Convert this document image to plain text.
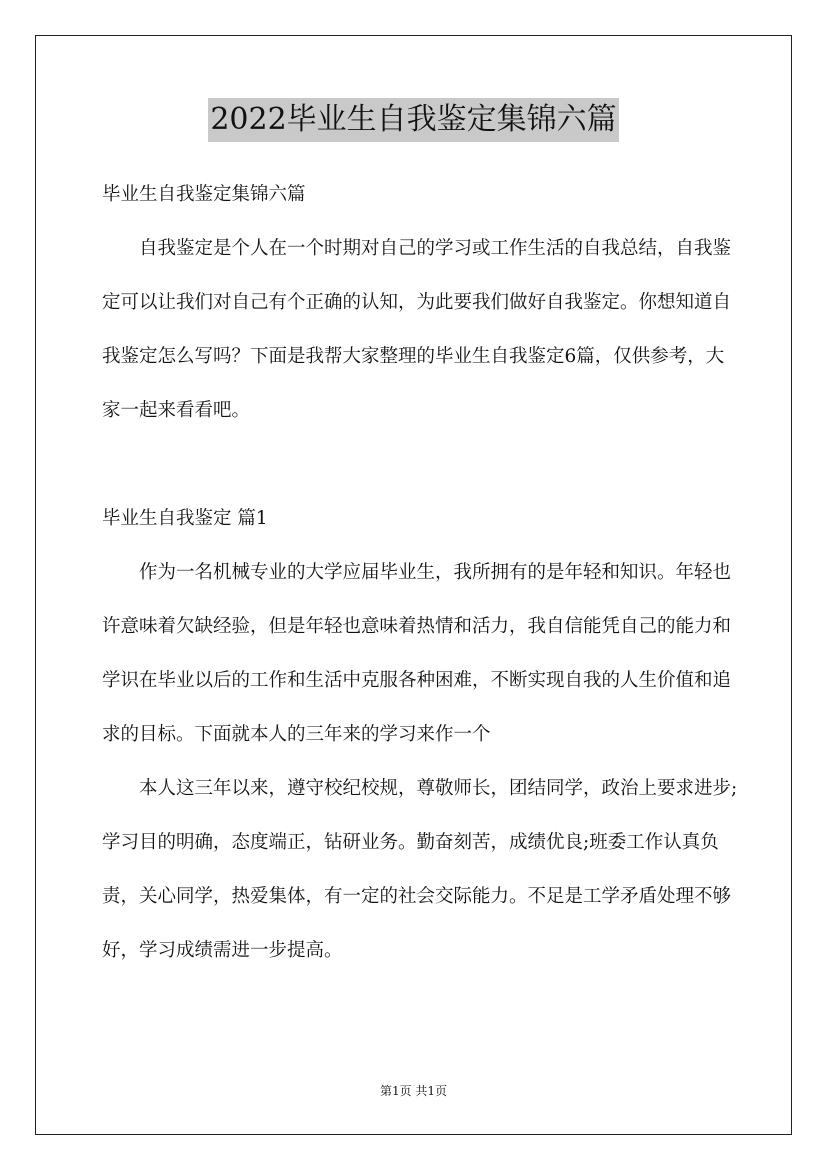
2022毕业生自我鉴定集锦六篇

毕业生自我鉴定集锦六篇

自我鉴定是个人在一个时期对自己的学习或工作生活的自我总结，自我鉴定可以让我们对自己有个正确的认知，为此要我们做好自我鉴定。你想知道自我鉴定怎么写吗？下面是我帮大家整理的毕业生自我鉴定6篇，仅供参考，大家一起来看看吧。

毕业生自我鉴定 篇1

作为一名机械专业的大学应届毕业生，我所拥有的是年轻和知识。年轻也许意味着欠缺经验，但是年轻也意味着热情和活力，我自信能凭自己的能力和学识在毕业以后的工作和生活中克服各种困难，不断实现自我的人生价值和追求的目标。下面就本人的三年来的学习来作一个

本人这三年以来，遵守校纪校规，尊敬师长，团结同学，政治上要求进步;学习目的明确，态度端正，钻研业务。勤奋刻苦，成绩优良;班委工作认真负责，关心同学，热爱集体，有一定的社会交际能力。不足是工学矛盾处理不够好，学习成绩需进一步提高。

第1页 共1页
